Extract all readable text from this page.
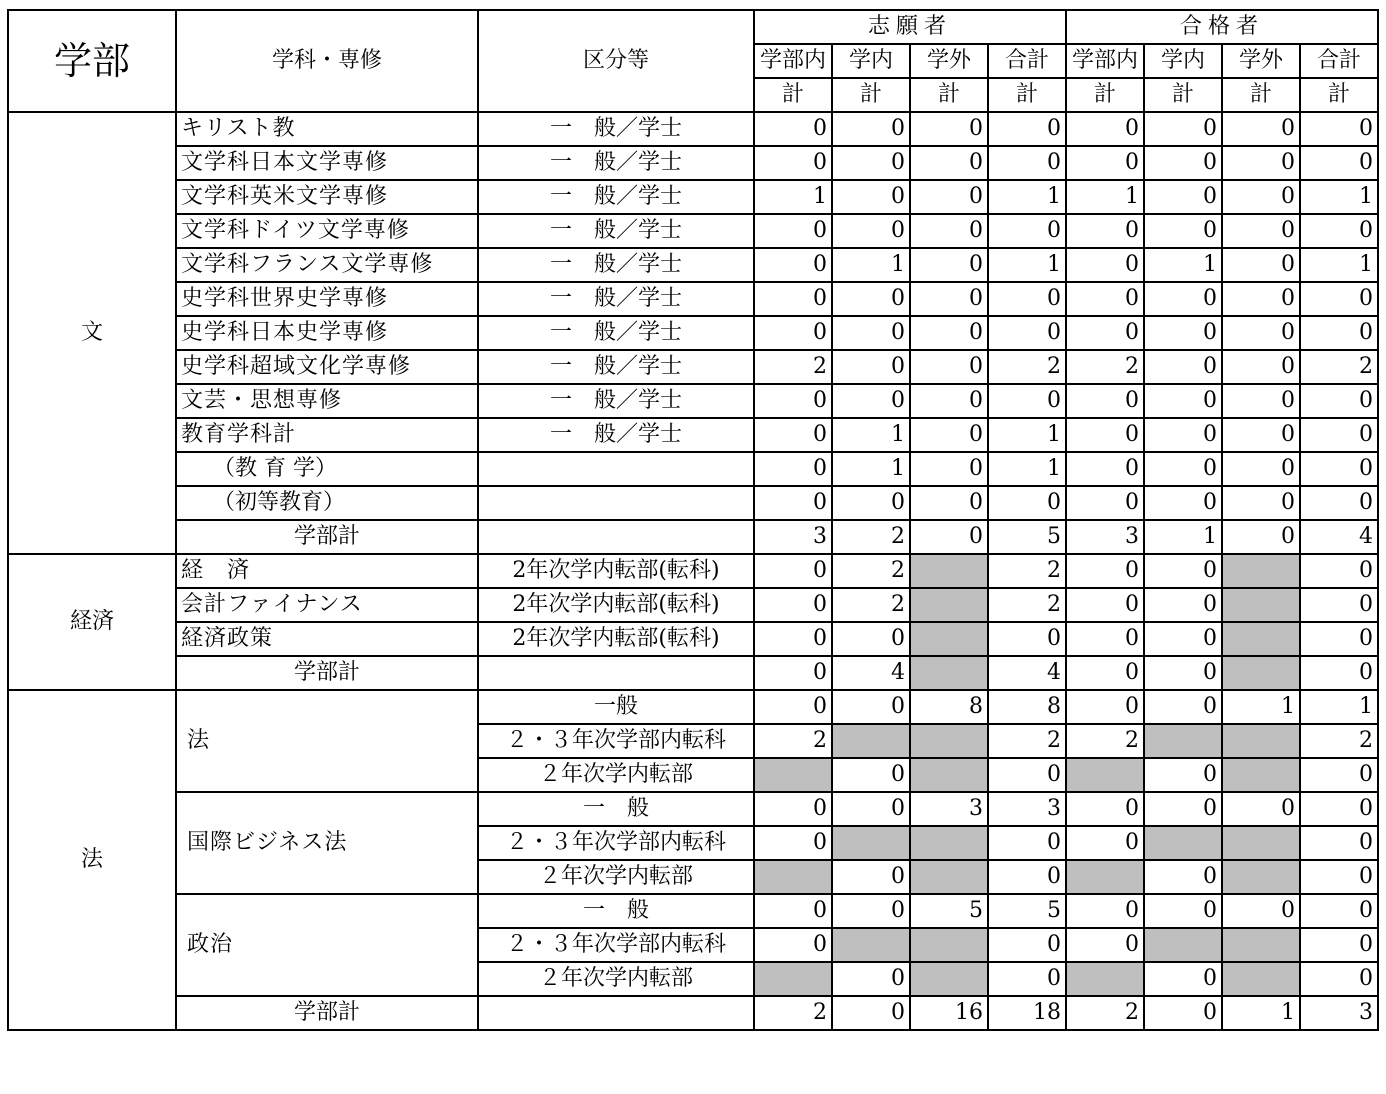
学部	学科・専修	区分等	志願者				合格者			
			学部内	学内	学外	合計	学部内	学内	学外	合計
			計	計	計	計	計	計	計	計
文	キリスト教	一　般／学士	0	0	0	0	0	0	0	0
	文学科日本文学専修	一　般／学士	0	0	0	0	0	0	0	0
	文学科英米文学専修	一　般／学士	1	0	0	1	1	0	0	1
	文学科ドイツ文学専修	一　般／学士	0	0	0	0	0	0	0	0
	文学科フランス文学専修	一　般／学士	0	1	0	1	0	1	0	1
	史学科世界史学専修	一　般／学士	0	0	0	0	0	0	0	0
	史学科日本史学専修	一　般／学士	0	0	0	0	0	0	0	0
	史学科超域文化学専修	一　般／学士	2	0	0	2	2	0	0	2
	文芸・思想専修	一　般／学士	0	0	0	0	0	0	0	0
	教育学科計	一　般／学士	0	1	0	1	0	0	0	0
	（教 育 学）		0	1	0	1	0	0	0	0
	（初等教育）		0	0	0	0	0	0	0	0
	学部計		3	2	0	5	3	1	0	4
経済	経　済	2年次学内転部(転科)	0	2		2	0	0		0
	会計ファイナンス	2年次学内転部(転科)	0	2		2	0	0		0
	経済政策	2年次学内転部(転科)	0	0		0	0	0		0
	学部計		0	4		4	0	0		0
法	法	一般	0	0	8	8	0	0	1	1
		２・３年次学部内転科	2			2	2			2
		２年次学内転部		0		0		0		0
	国際ビジネス法	一　般	0	0	3	3	0	0	0	0
		２・３年次学部内転科	0			0	0			0
		２年次学内転部		0		0		0		0
	政治	一　般	0	0	5	5	0	0	0	0
		２・３年次学部内転科	0			0	0			0
		２年次学内転部		0		0		0		0
	学部計		2	0	16	18	2	0	1	3
